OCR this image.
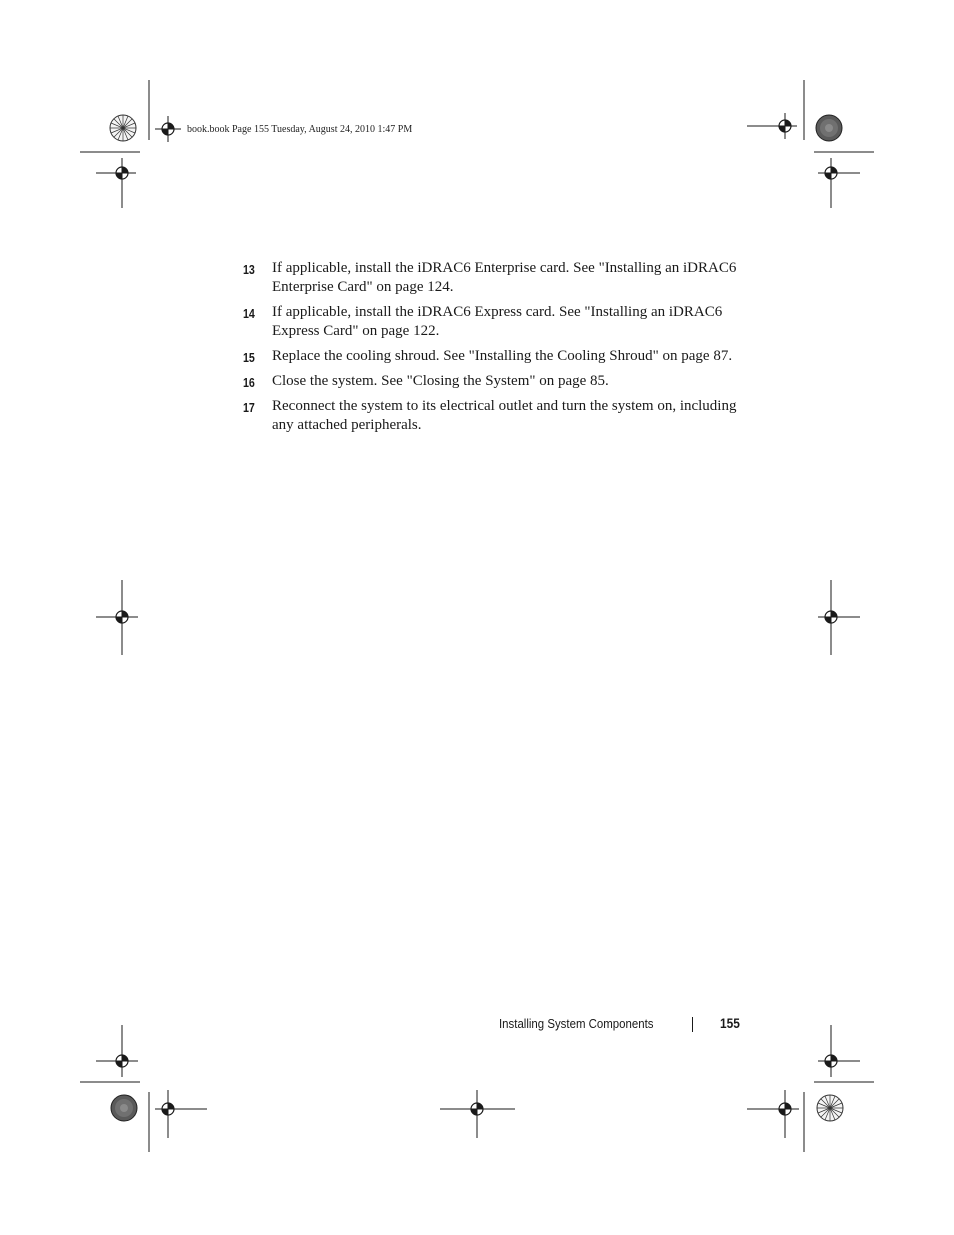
book.book Page 155 Tuesday, August 24, 2010 1:47 PM
13 If applicable, install the iDRAC6 Enterprise card. See "Installing an iDRAC6 Enterprise Card" on page 124.
14 If applicable, install the iDRAC6 Express card. See "Installing an iDRAC6 Express Card" on page 122.
15 Replace the cooling shroud. See "Installing the Cooling Shroud" on page 87.
16 Close the system. See "Closing the System" on page 85.
17 Reconnect the system to its electrical outlet and turn the system on, including any attached peripherals.
Installing System Components	155
